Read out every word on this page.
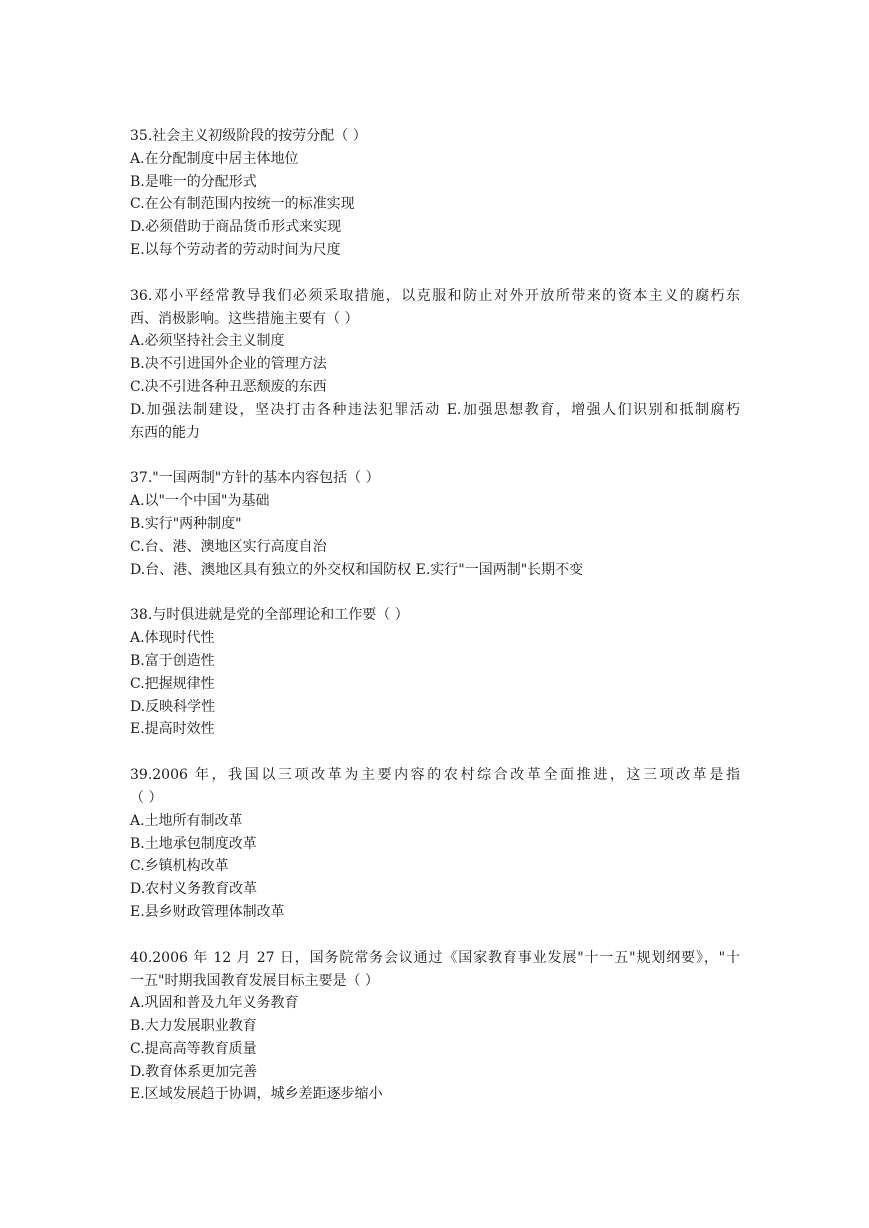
35.社会主义初级阶段的按劳分配（ ）
A.在分配制度中居主体地位
B.是唯一的分配形式
C.在公有制范围内按统一的标准实现
D.必须借助于商品货币形式来实现
E.以每个劳动者的劳动时间为尺度
36.邓小平经常教导我们必须采取措施，以克服和防止对外开放所带来的资本主义的腐朽东
西、消极影响。这些措施主要有（ ）
A.必须坚持社会主义制度
B.决不引进国外企业的管理方法
C.决不引进各种丑恶颓废的东西
D.加强法制建设，坚决打击各种违法犯罪活动 E.加强思想教育，增强人们识别和抵制腐朽
东西的能力
37."一国两制"方针的基本内容包括（ ）
A.以"一个中国"为基础
B.实行"两种制度"
C.台、港、澳地区实行高度自治
D.台、港、澳地区具有独立的外交权和国防权 E.实行"一国两制"长期不变
38.与时俱进就是党的全部理论和工作要（ ）
A.体现时代性
B.富于创造性
C.把握规律性
D.反映科学性
E.提高时效性
39.2006 年，我国以三项改革为主要内容的农村综合改革全面推进，这三项改革是指
（ ）
A.土地所有制改革
B.土地承包制度改革
C.乡镇机构改革
D.农村义务教育改革
E.县乡财政管理体制改革
40.2006 年 12 月 27 日，国务院常务会议通过《国家教育事业发展"十一五"规划纲要》，"十
一五"时期我国教育发展目标主要是（ ）
A.巩固和普及九年义务教育
B.大力发展职业教育
C.提高高等教育质量
D.教育体系更加完善
E.区域发展趋于协调，城乡差距逐步缩小
